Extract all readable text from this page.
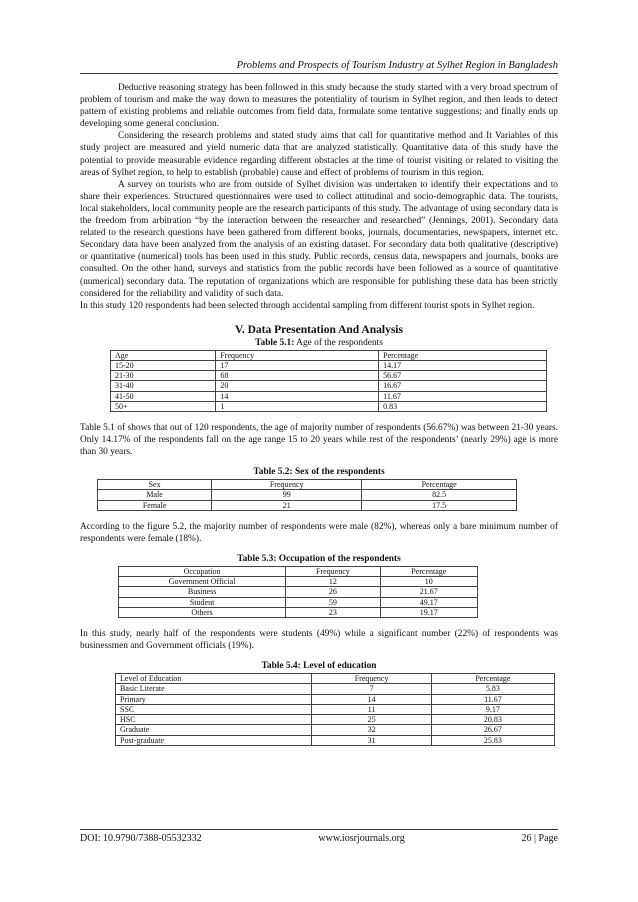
Problems and Prospects of Tourism Industry at Sylhet Region in Bangladesh

Deductive reasoning strategy has been followed in this study because the study started with a very broad spectrum of problem of tourism and make the way down to measures the potentiality of tourism in Sylhet region, and then leads to detect pattern of existing problems and reliable outcomes from field data, formulate some tentative suggestions; and finally ends up developing some general conclusion.

Considering the research problems and stated study aims that call for quantitative method and It Variables of this study project are measured and yield numeric data that are analyzed statistically. Quantitative data of this study have the potential to provide measurable evidence regarding different obstacles at the time of tourist visiting or related to visiting the areas of Sylhet region, to help to establish (probable) cause and effect of problems of tourism in this region.

A survey on tourists who are from outside of Sylhet division was undertaken to identify their expectations and to share their experiences. Structured questionnaires were used to collect attitudinal and socio-demographic data. The tourists, local stakeholders, local community people are the research participants of this study. The advantage of using secondary data is the freedom from arbitration “by the interaction between the researcher and researched” (Jennings, 2001). Secondary data related to the research questions have been gathered from different books, journals, documentaries, newspapers, internet etc. Secondary data have been analyzed from the analysis of an existing dataset. For secondary data both qualitative (descriptive) or quantitative (numerical) tools has been used in this study. Public records, census data, newspapers and journals, books are consulted. On the other hand, surveys and statistics from the public records have been followed as a source of quantitative (numerical) secondary data. The reputation of organizations which are responsible for publishing these data has been strictly considered for the reliability and validity of such data.

In this study 120 respondents had been selected through accidental sampling from different tourist spots in Sylhet region.

V. Data Presentation And Analysis
Table 5.1: Age of the respondents
Age	Frequency	Percentage
15-20	17	14.17
21-30	68	56.67
31-40	20	16.67
41-50	14	11.67
50+	1	0.83

Table 5.1 of shows that out of 120 respondents, the age of majority number of respondents (56.67%) was between 21-30 years. Only 14.17% of the respondents fall on the age range 15 to 20 years while rest of the respondents’ (nearly 29%) age is more than 30 years.

Table 5.2: Sex of the respondents
Sex	Frequency	Percentage
Male	99	82.5
Female	21	17.5

According to the figure 5.2, the majority number of respondents were male (82%), whereas only a bare minimum number of respondents were female (18%).

Table 5.3: Occupation of the respondents
Occupation	Frequency	Percentage
Government Official	12	10
Business	26	21.67
Student	59	49.17
Others	23	19.17

In this study, nearly half of the respondents were students (49%) while a significant number (22%) of respondents was businessmen and Government officials (19%).

Table 5.4: Level of education
Level of Education	Frequency	Percentage
Basic Literate	7	5.83
Primary	14	11.67
SSC	11	9.17
HSC	25	20.83
Graduate	32	26.67
Post-graduate	31	25.83
DOI: 10.9790/7388-05532332	www.iosrjournals.org	26 | Page
